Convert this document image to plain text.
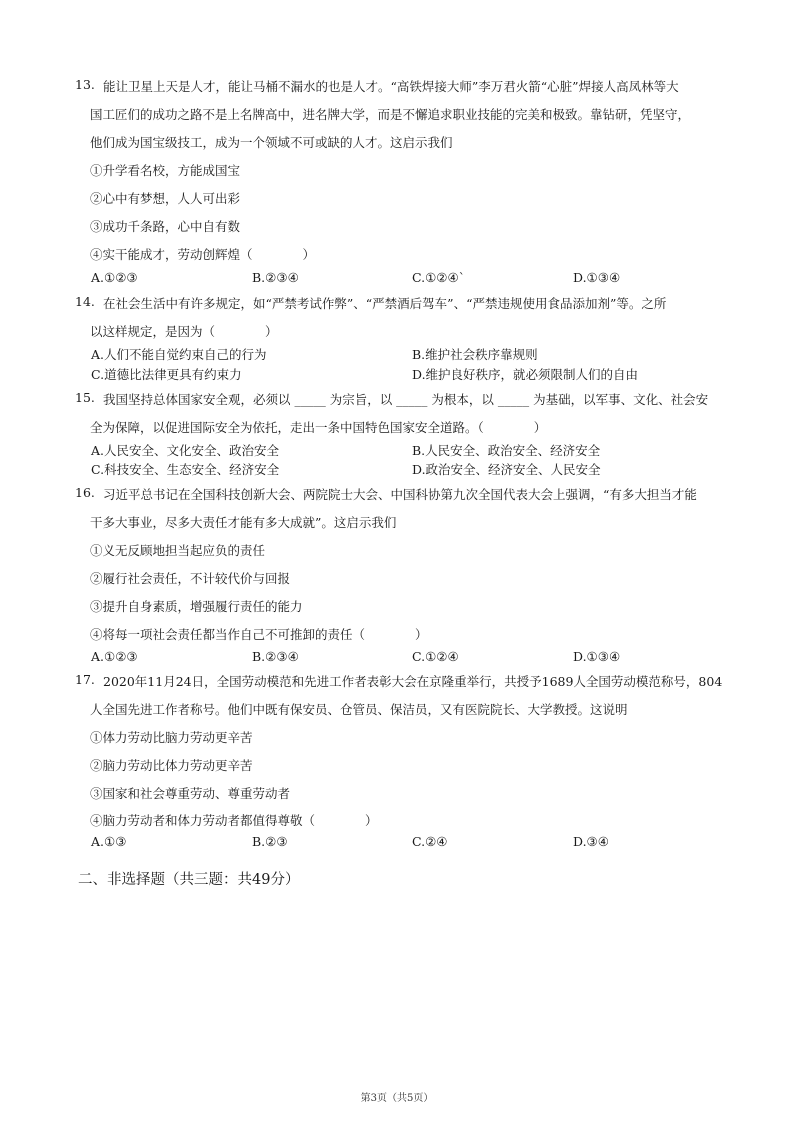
13. 能让卫星上天是人才，能让马桶不漏水的也是人才。“高铁焊接大师”李万君火箭“心脏”焊接人高凤林等大
国工匠们的成功之路不是上名牌高中，进名牌大学，而是不懈追求职业技能的完美和极致。靠钻研，凭坚守，
他们成为国宝级技工，成为一个领域不可或缺的人才。这启示我们
①升学看名校，方能成国宝
②心中有梦想，人人可出彩
③成功千条路，心中自有数
④实干能成才，劳动创辉煌（　　　　）
A.①②③	B.②③④	C.①②④`	D.①③④
14. 在社会生活中有许多规定，如“严禁考试作弊”、“严禁酒后驾车”、“严禁违规使用食品添加剂”等。之所
以这样规定，是因为（　　　　）
A.人们不能自觉约束自己的行为	B.维护社会秩序靠规则
C.道德比法律更具有约束力	D.维护良好秩序，就必须限制人们的自由
15. 我国坚持总体国家安全观，必须以 _____ 为宗旨，以 _____ 为根本，以 _____ 为基础，以军事、文化、社会安
全为保障，以促进国际安全为依托，走出一条中国特色国家安全道路。（　　　　）
A.人民安全、文化安全、政治安全	B.人民安全、政治安全、经济安全
C.科技安全、生态安全、经济安全	D.政治安全、经济安全、人民安全
16. 习近平总书记在全国科技创新大会、两院院士大会、中国科协第九次全国代表大会上强调，“有多大担当才能
干多大事业，尽多大责任才能有多大成就”。这启示我们
①义无反顾地担当起应负的责任
②履行社会责任，不计较代价与回报
③提升自身素质，增强履行责任的能力
④将每一项社会责任都当作自己不可推卸的责任（　　　　）
A.①②③	B.②③④	C.①②④	D.①③④
17. 2020年11月24日，全国劳动模范和先进工作者表彰大会在京隆重举行，共授予1689人全国劳动模范称号，804
人全国先进工作者称号。他们中既有保安员、仓管员、保洁员，又有医院院长、大学教授。这说明
①体力劳动比脑力劳动更辛苦
②脑力劳动比体力劳动更辛苦
③国家和社会尊重劳动、尊重劳动者
④脑力劳动者和体力劳动者都值得尊敬（　　　　）
A.①③	B.②③	C.②④	D.③④
二、非选择题（共三题：共49分）
第3页（共5页）
